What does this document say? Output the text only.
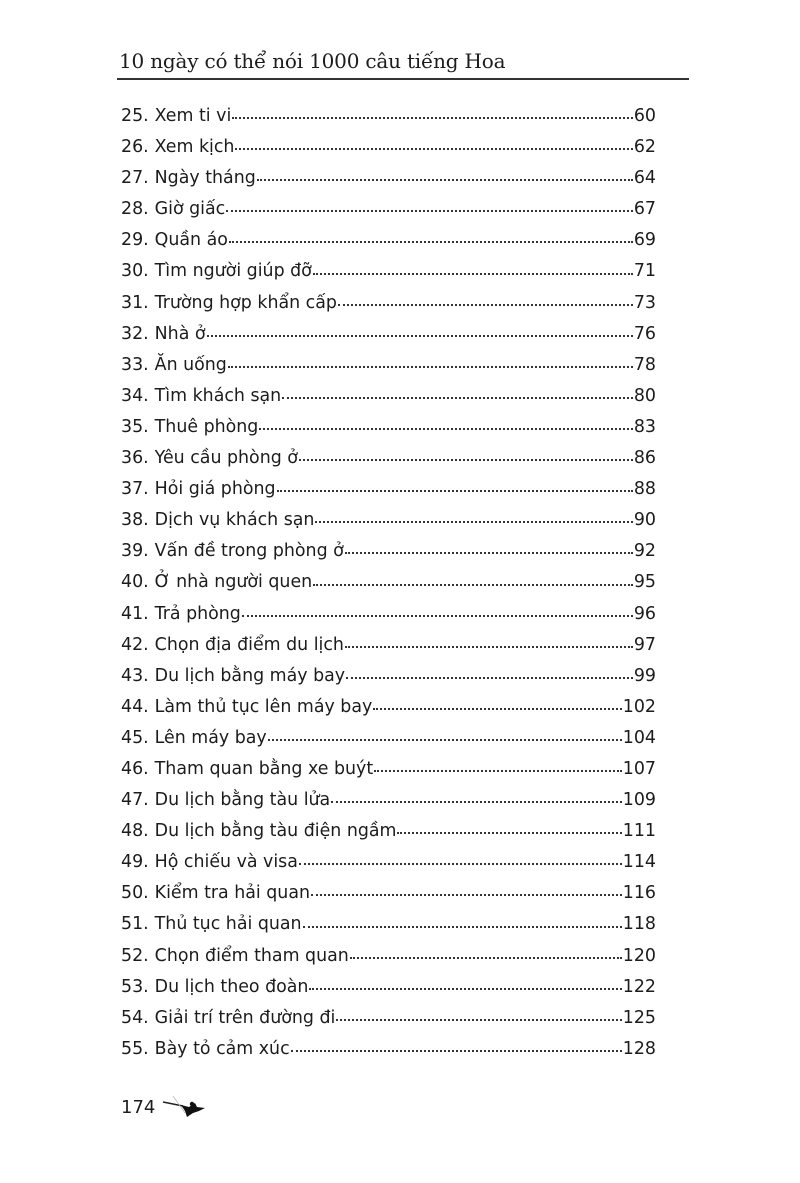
10 ngày có thể nói 1000 câu tiếng Hoa
25. Xem ti vi	60
26. Xem kịch	62
27. Ngày tháng	64
28. Giờ giấc	67
29. Quần áo	69
30. Tìm người giúp đỡ	71
31. Trường hợp khẩn cấp	73
32. Nhà ở	76
33. Ăn uống	78
34. Tìm khách sạn	80
35. Thuê phòng	83
36. Yêu cầu phòng ở	86
37. Hỏi giá phòng	88
38. Dịch vụ khách sạn	90
39. Vấn đề trong phòng ở	92
40. Ở nhà người quen	95
41. Trả phòng	96
42. Chọn địa điểm du lịch	97
43. Du lịch bằng máy bay	99
44. Làm thủ tục lên máy bay	102
45. Lên máy bay	104
46. Tham quan bằng xe buýt	107
47. Du lịch bằng tàu lửa	109
48. Du lịch bằng tàu điện ngầm	111
49. Hộ chiếu và visa	114
50. Kiểm tra hải quan	116
51. Thủ tục hải quan	118
52. Chọn điểm tham quan	120
53. Du lịch theo đoàn	122
54. Giải trí trên đường đi	125
55. Bày tỏ cảm xúc	128
174
